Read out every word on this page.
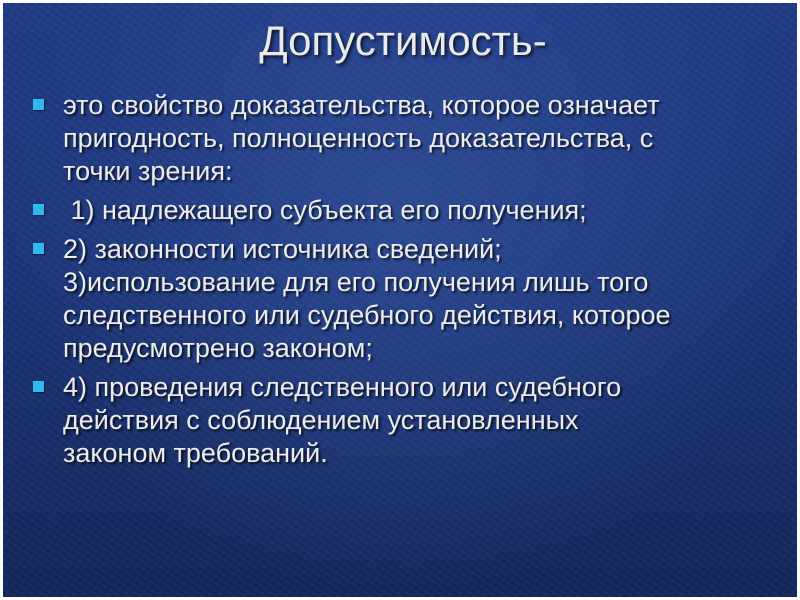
Допустимость-
это свойство доказательства, которое означает
пригодность, полноценность доказательства, с
точки зрения:
1) надлежащего субъекта его получения;
2) законности источника сведений;
3)использование для его получения лишь того
следственного или судебного действия, которое
предусмотрено законом;
4) проведения следственного или судебного
действия с соблюдением установленных
законом требований.
